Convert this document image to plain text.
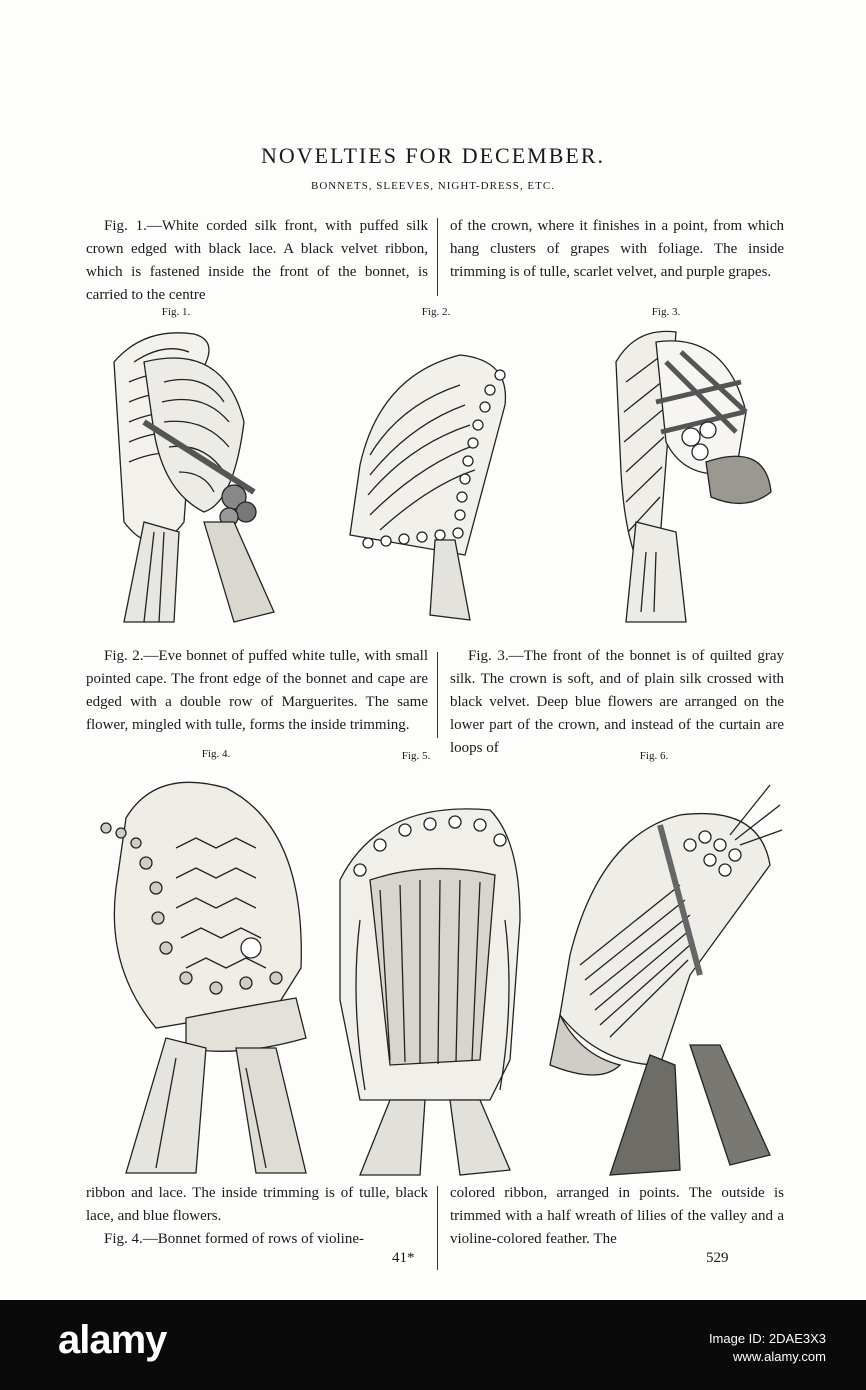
NOVELTIES FOR DECEMBER.
BONNETS, SLEEVES, NIGHT-DRESS, ETC.

Fig. 1.—White corded silk front, with puffed silk crown edged with black lace. A black velvet ribbon, which is fastened inside the front of the bonnet, is carried to the centre

of the crown, where it finishes in a point, from which hang clusters of grapes with foliage. The inside trimming is of tulle, scarlet velvet, and purple grapes.

Fig. 1.	Fig. 2.	Fig. 3.

Fig. 2.—Eve bonnet of puffed white tulle, with small pointed cape. The front edge of the bonnet and cape are edged with a double row of Marguerites. The same flower, mingled with tulle, forms the inside trimming.

Fig. 3.—The front of the bonnet is of quilted gray silk. The crown is soft, and of plain silk crossed with black velvet. Deep blue flowers are arranged on the lower part of the crown, and instead of the curtain are loops of

Fig. 4.	Fig. 5.	Fig. 6.

ribbon and lace. The inside trimming is of tulle, black lace, and blue flowers.

Fig. 4.—Bonnet formed of rows of violine-

colored ribbon, arranged in points. The outside is trimmed with a half wreath of lilies of the valley and a violine-colored feather. The

41*	529
alamy	Image ID: 2DAE3X3
www.alamy.com
